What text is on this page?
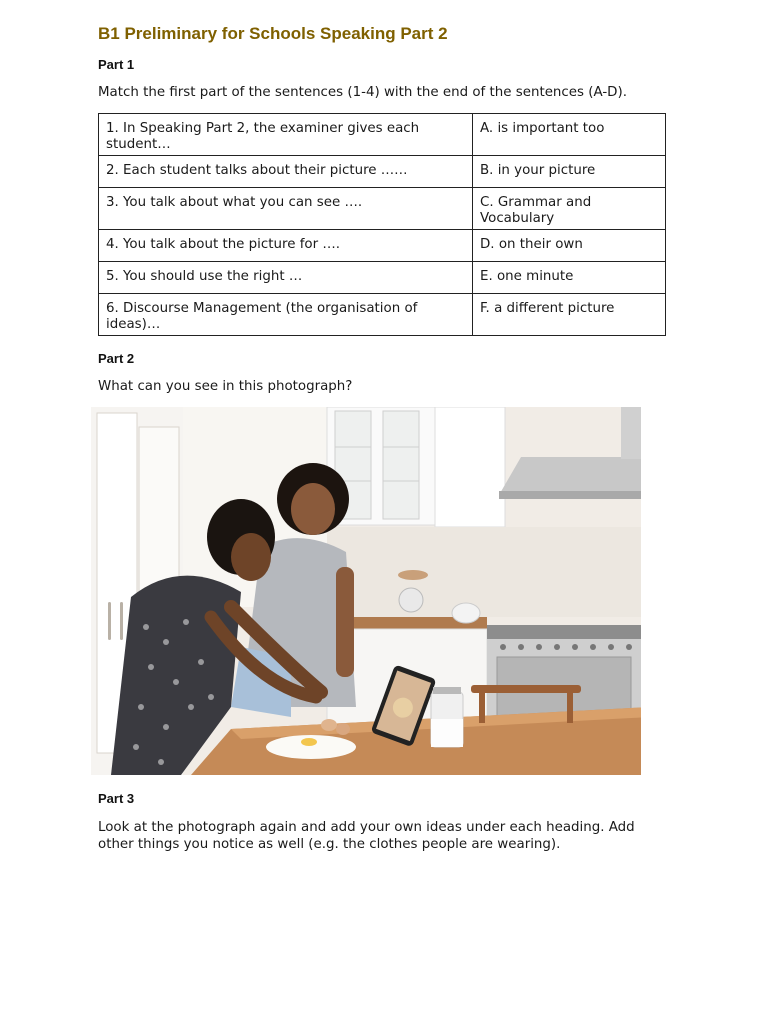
B1 Preliminary for Schools Speaking Part 2
Part 1
Match the first part of the sentences (1-4) with the end of the sentences (A-D).
1. In Speaking Part 2, the examiner gives each student…	A. is important too
2. Each student talks about their picture ……	B. in your picture
3. You talk about what you can see ….	C. Grammar and Vocabulary
4. You talk about the picture for ….	D. on their own
5. You should use the right …	E. one minute
6. Discourse Management (the organisation of ideas)…	F. a different picture
Part 2
What can you see in this photograph?
Part 3
Look at the photograph again and add your own ideas under each heading. Add other things you notice as well (e.g. the clothes people are wearing).
